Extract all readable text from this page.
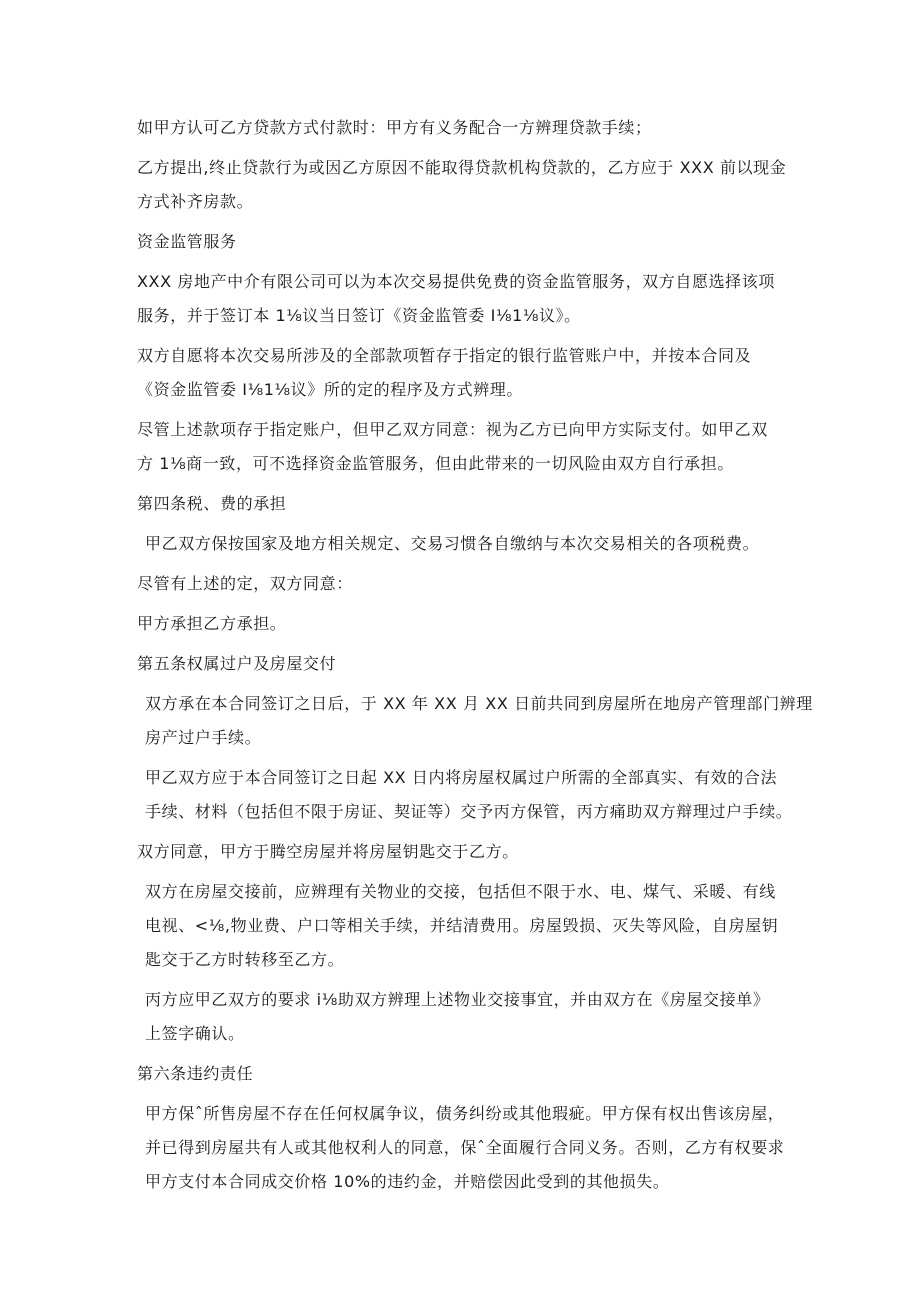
如甲方认可乙方贷款方式付款时：甲方有义务配合一方辨理贷款手续；
乙方提出,终止贷款行为或因乙方原因不能取得贷款机构贷款的，乙方应于 XXX 前以现金
方式补齐房款。
资金监管服务
XXX 房地产中介有限公司可以为本次交易提供免费的资金监管服务，双方自愿选择该项
服务，并于签订本 1⅛议当日签订《资金监管委 I⅛1⅛议》。
双方自愿将本次交易所涉及的全部款项暂存于指定的银行监管账户中，并按本合同及
《资金监管委 I⅛1⅛议》所的定的程序及方式辨理。
尽管上述款项存于指定账户，但甲乙双方同意：视为乙方已向甲方实际支付。如甲乙双
方 1⅛商一致，可不选择资金监管服务，但由此带来的一切风险由双方自行承担。
第四条税、费的承担
甲乙双方保按国家及地方相关规定、交易习惯各自缴纳与本次交易相关的各项税费。
尽管有上述的定，双方同意：
甲方承担乙方承担。
第五条权属过户及房屋交付
双方承在本合同签订之日后，于 XX 年 XX 月 XX 日前共同到房屋所在地房产管理部门辨理
房产过户手续。
甲乙双方应于本合同签订之日起 XX 日内将房屋权属过户所需的全部真实、有效的合法
手续、材料（包括但不限于房证、契证等）交予丙方保管，丙方痛助双方辩理过户手续。
双方同意，甲方于腾空房屋并将房屋钥匙交于乙方。
双方在房屋交接前，应辨理有关物业的交接，包括但不限于水、电、煤气、采暖、有线
电视、<⅛,物业费、户口等相关手续，并结清费用。房屋毁损、灭失等风险，自房屋钥
匙交于乙方时转移至乙方。
丙方应甲乙双方的要求 i⅛助双方辨理上述物业交接事宜，并由双方在《房屋交接单》
上签字确认。
第六条违约责任
甲方保ˆ所售房屋不存在任何权属争议，债务纠纷或其他瑕疵。甲方保有权出售该房屋，
并已得到房屋共有人或其他权利人的同意，保ˆ全面履行合同义务。否则，乙方有权要求
甲方支付本合同成交价格 10%的违约金，并赔偿因此受到的其他损失。
